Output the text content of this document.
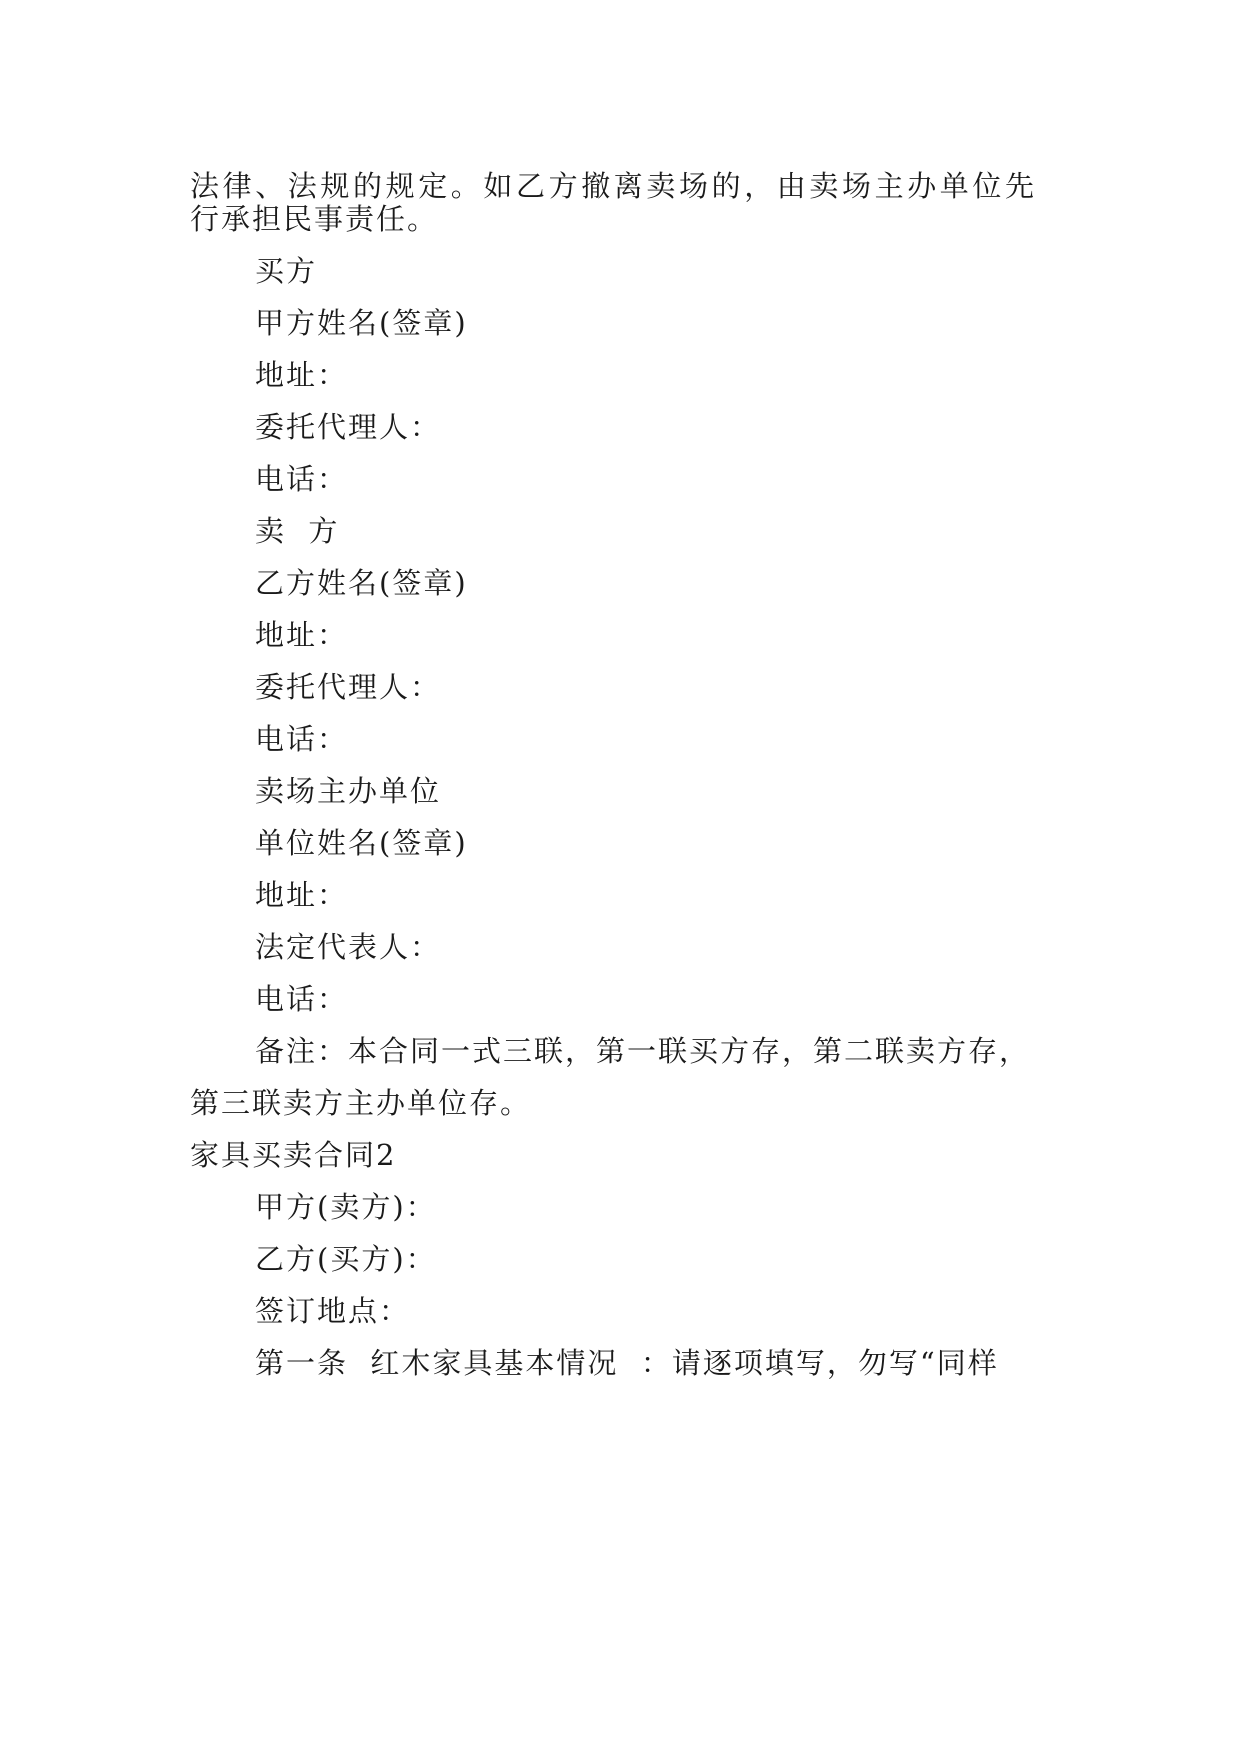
法律、法规的规定。如乙方撤离卖场的，由卖场主办单位先
行承担民事责任。
买方
甲方姓名(签章)
地址：
委托代理人：
电话：
卖  方
乙方姓名(签章)
地址：
委托代理人：
电话：
卖场主办单位
单位姓名(签章)
地址：
法定代表人：
电话：
备注：本合同一式三联，第一联买方存，第二联卖方存，
第三联卖方主办单位存。
家具买卖合同2
甲方(卖方)：
乙方(买方)：
签订地点：
第一条  红木家具基本情况  ：请逐项填写，勿写“同样
